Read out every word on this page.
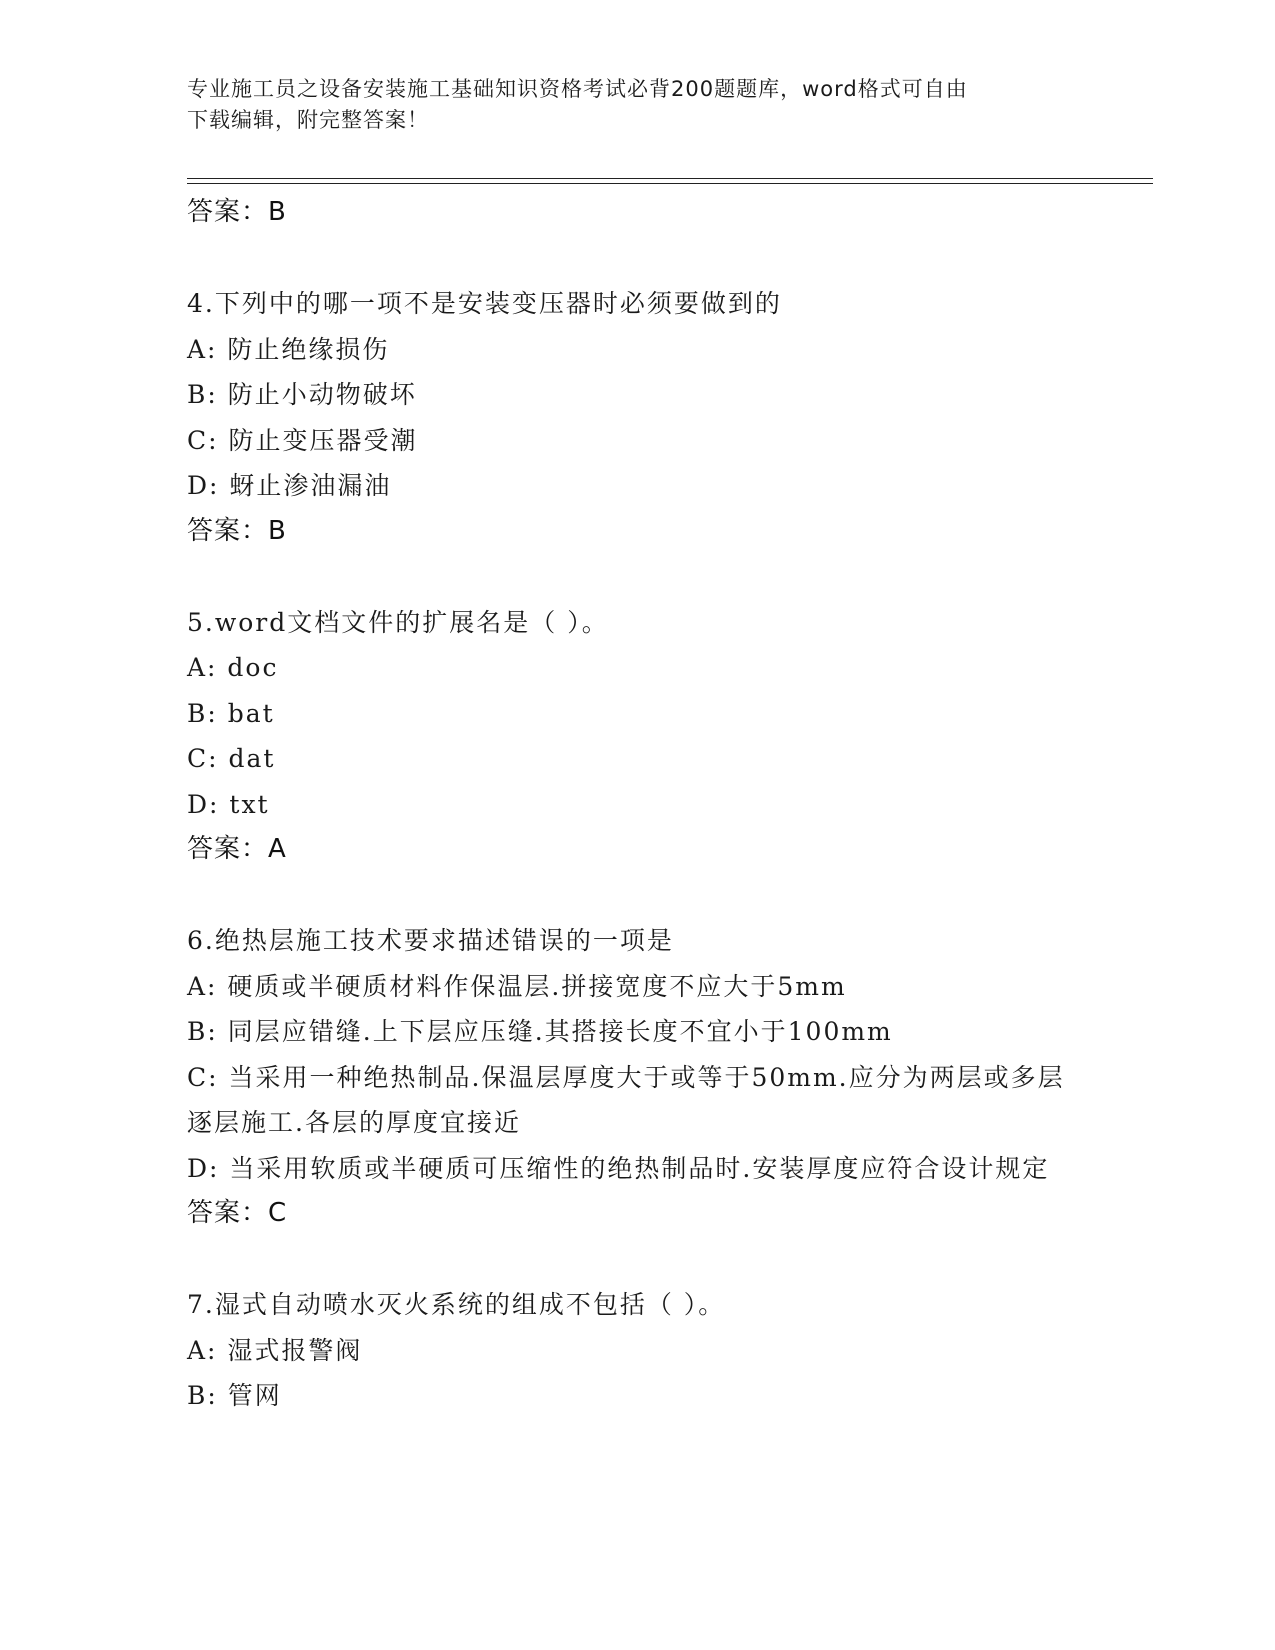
专业施工员之设备安装施工基础知识资格考试必背200题题库，word格式可自由
下载编辑，附完整答案！
答案：B
4.下列中的哪一项不是安装变压器时必须要做到的
A: 防止绝缘损伤
B: 防止小动物破坏
C: 防止变压器受潮
D: 蚜止渗油漏油
答案：B
5.word文档文件的扩展名是（ ）。
A: doc
B: bat
C: dat
D: txt
答案：A
6.绝热层施工技术要求描述错误的一项是
A: 硬质或半硬质材料作保温层.拼接宽度不应大于5mm
B: 同层应错缝.上下层应压缝.其搭接长度不宜小于100mm
C: 当采用一种绝热制品.保温层厚度大于或等于50mm.应分为两层或多层逐层施工.各层的厚度宜接近
D: 当采用软质或半硬质可压缩性的绝热制品时.安装厚度应符合设计规定
答案：C
7.湿式自动喷水灭火系统的组成不包括（ ）。
A: 湿式报警阀
B: 管网
